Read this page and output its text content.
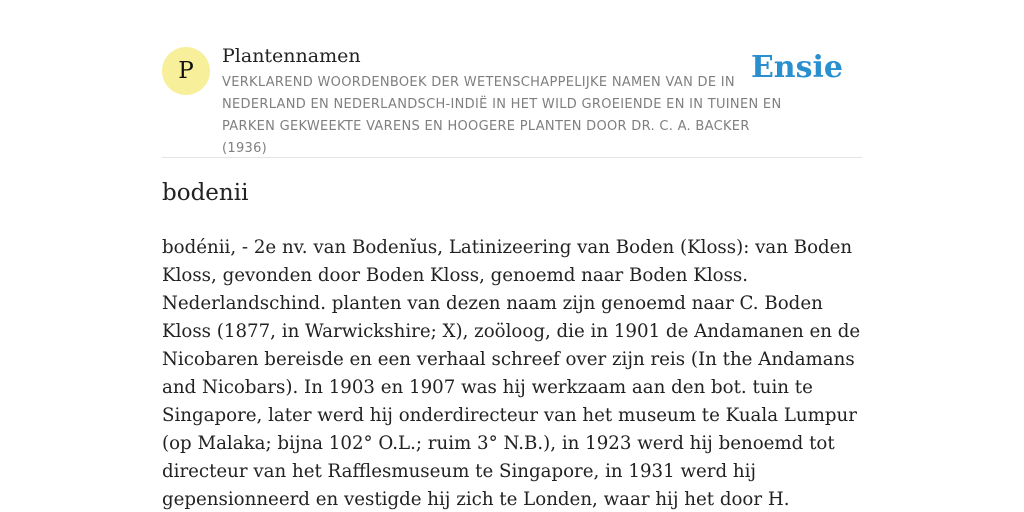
P
Plantennamen
VERKLAREND WOORDENBOEK DER WETENSCHAPPELIJKE NAMEN VAN DE IN NEDERLAND EN NEDERLANDSCH-INDIË IN HET WILD GROEIENDE EN IN TUINEN EN PARKEN GEKWEEKTE VARENS EN HOOGERE PLANTEN DOOR DR. C. A. BACKER (1936)
Ensie
bodenii

bodénii, - 2e nv. van Bodenĭus, Latinizeering van Boden (Kloss): van Boden Kloss, gevonden door Boden Kloss, genoemd naar Boden Kloss. Nederlandschind. planten van dezen naam zijn genoemd naar C. Boden Kloss (1877, in Warwickshire; X), zoöloog, die in 1901 de Andamanen en de Nicobaren bereisde en een verhaal schreef over zijn reis (In the Andamans and Nicobars). In 1903 en 1907 was hij werkzaam aan den bot. tuin te Singapore, later werd hij onderdirecteur van het museum te Kuala Lumpur (op Malaka; bijna 102° O.L.; ruim 3° N.B.), in 1923 werd hij benoemd tot directeur van het Rafflesmuseum te Singapore, in 1931 werd hij gepensionneerd en vestigde hij zich te Londen, waar hij het door H.
